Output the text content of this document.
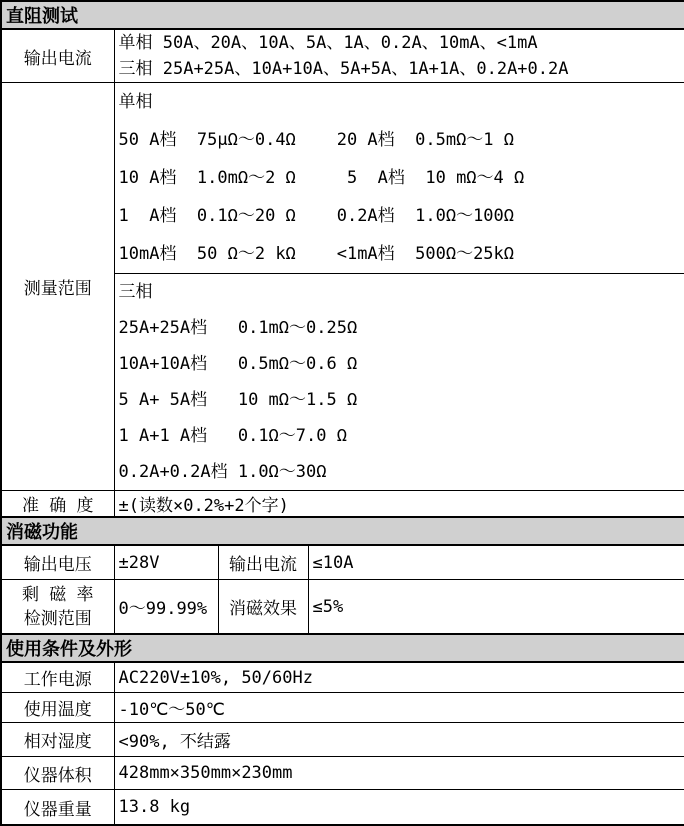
直阻测试			
输出电流	单相 50A、20A、10A、5A、1A、0.2A、10mA、<1mA
三相 25A+25A、10A+10A、5A+5A、1A+1A、0.2A+0.2A		

测量范围	单相
50 A档  75μΩ～0.4Ω    20 A档  0.5mΩ～1 Ω
10 A档  1.0mΩ～2 Ω     5  A档  10 mΩ～4 Ω
1  A档  0.1Ω～20 Ω    0.2A档  1.0Ω～100Ω
10mA档  50 Ω～2 kΩ    <1mA档  500Ω～25kΩ		

三相
25A+25A档   0.1mΩ～0.25Ω
10A+10A档   0.5mΩ～0.6 Ω
5 A+ 5A档   10 mΩ～1.5 Ω
1 A+1 A档   0.1Ω～7.0 Ω
0.2A+0.2A档 1.0Ω～30Ω

准 确 度	±(读数×0.2%+2个字)		
消磁功能			
输出电压	±28V	输出电流	≤10A

剩 磁 率
检测范围	0～99.99%	消磁效果	≤5%
使用条件及外形			
工作电源	AC220V±10%, 50/60Hz		
使用温度	-10℃～50℃		
相对湿度	<90%, 不结露		
仪器体积	428mm×350mm×230mm		
仪器重量	13.8 kg		
